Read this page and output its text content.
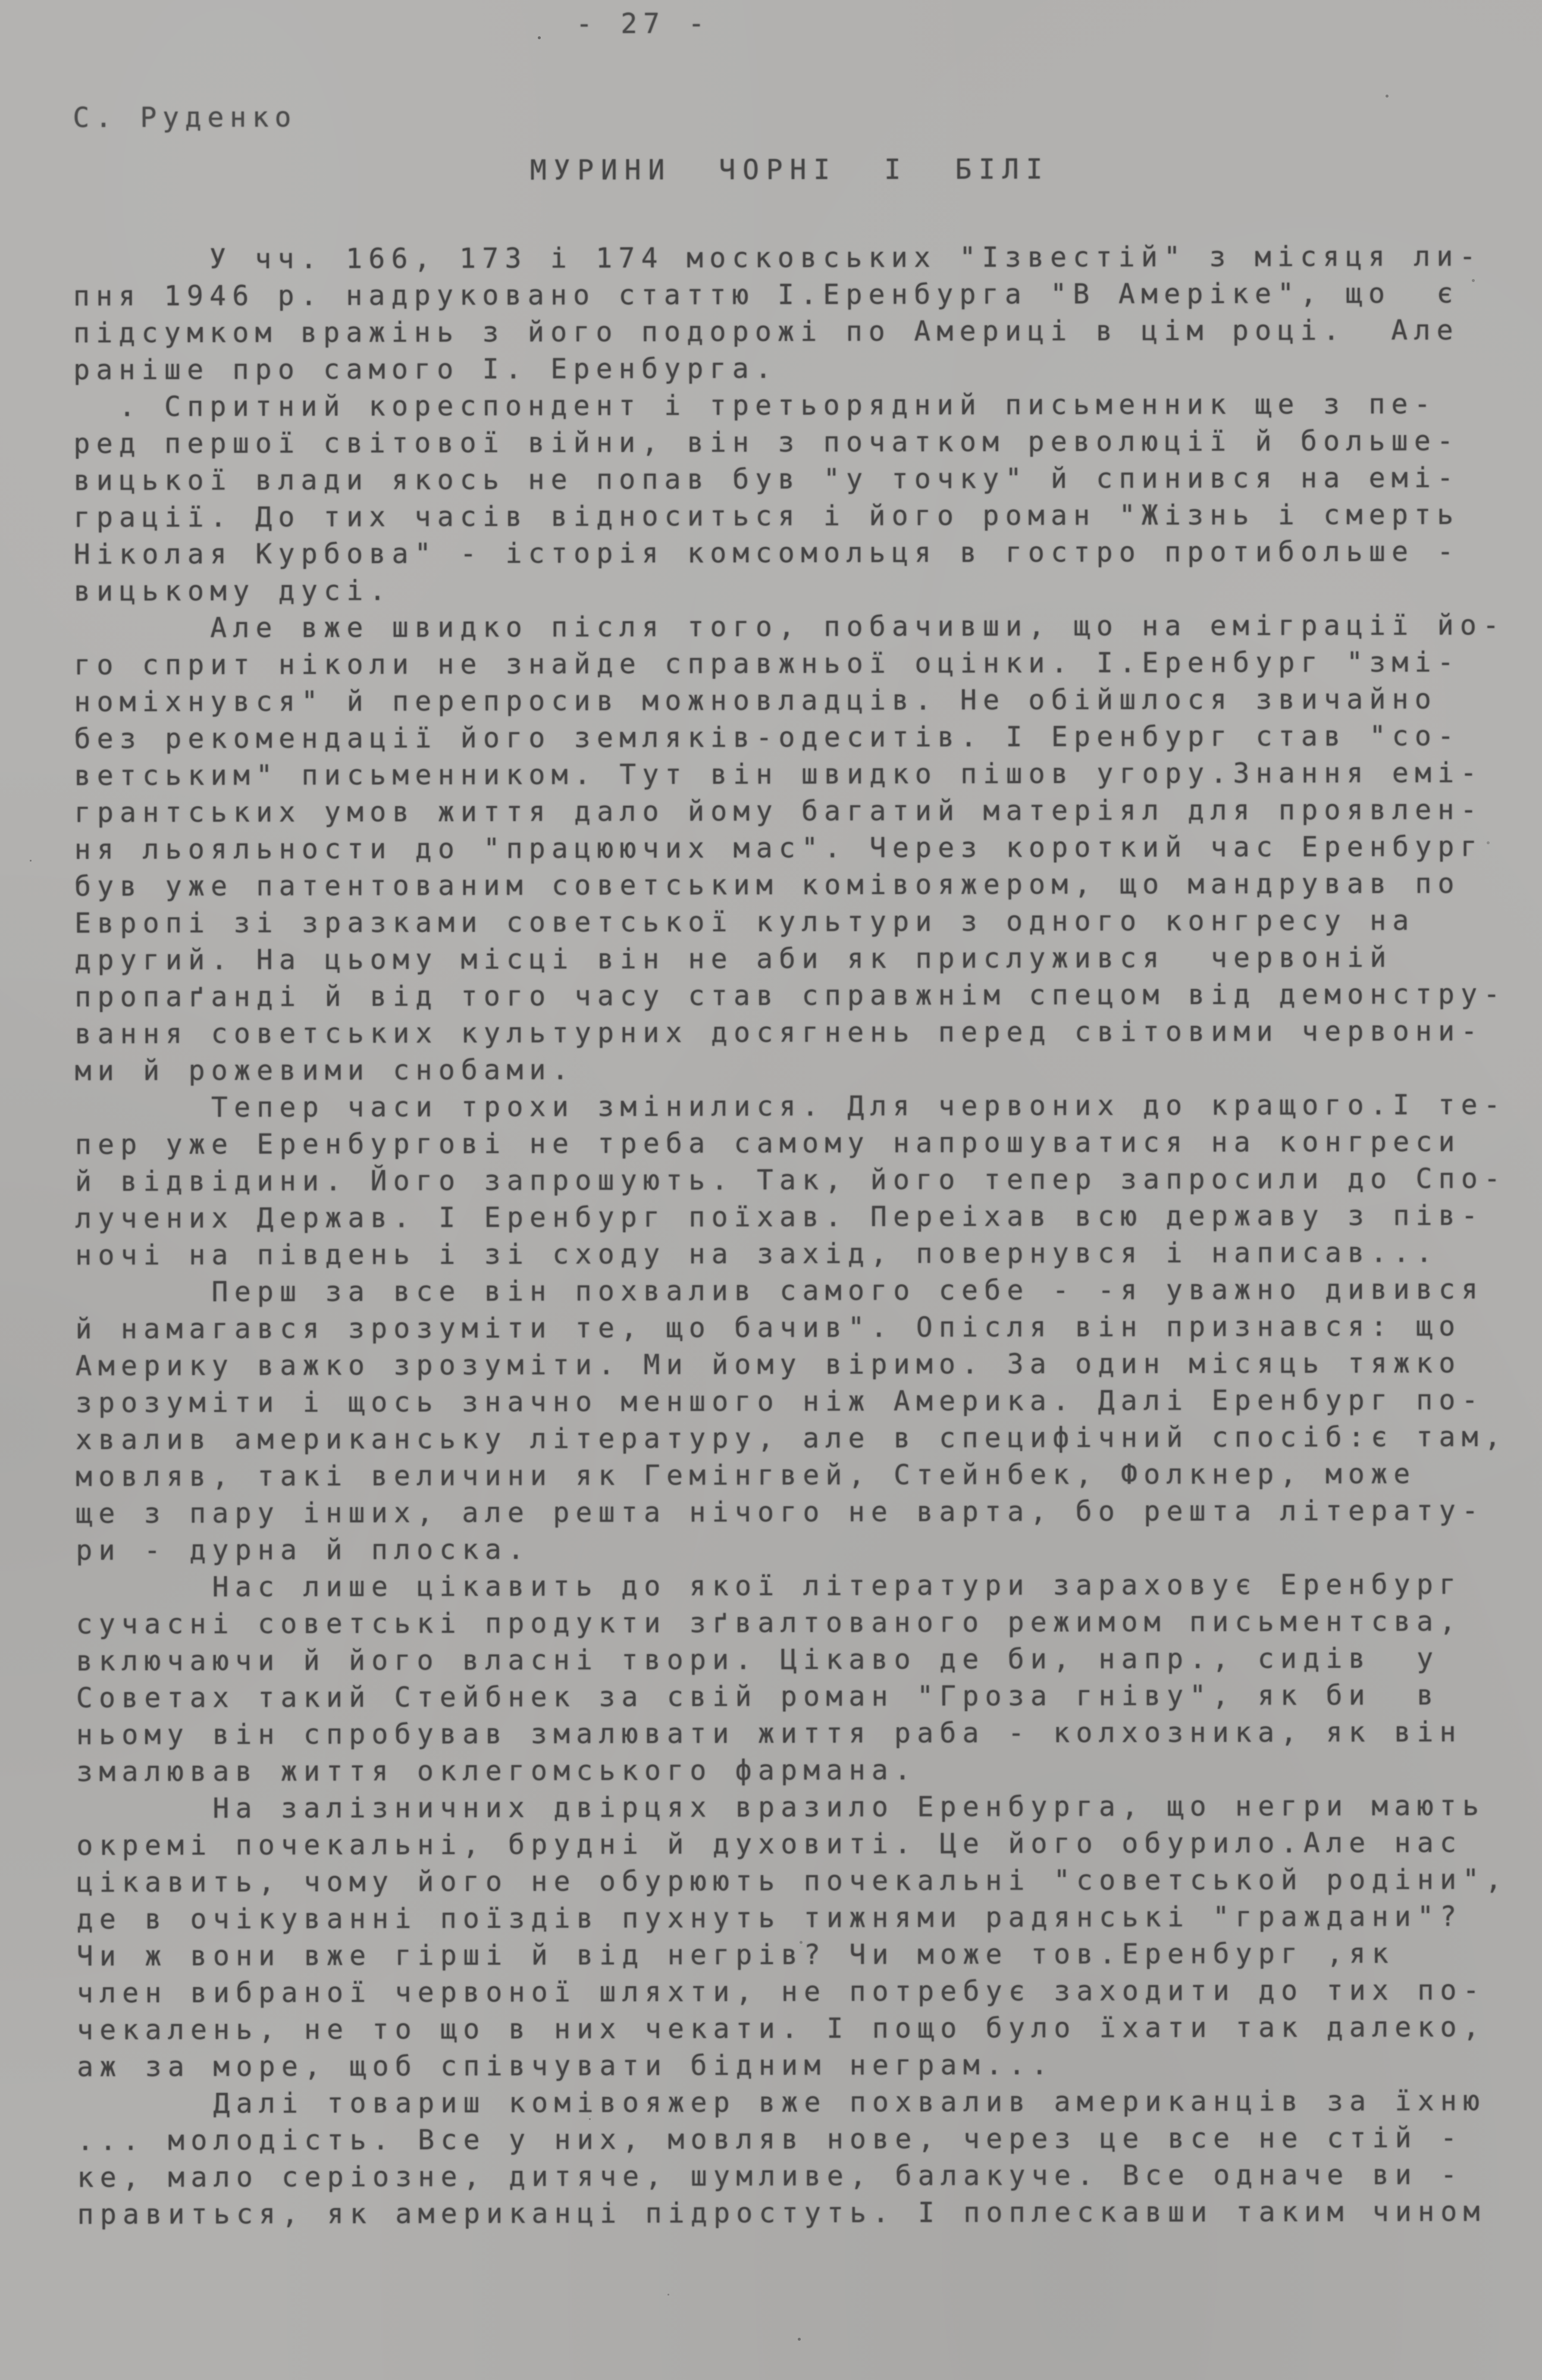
- 27 -
С. Руденко
МУРИНИ  ЧОРНІ  І  БІЛІ
У чч. 166, 173 і 174 московських "Ізвестій" з місяця ли-
пня 1946 р. надруковано статтю І.Еренбурга "В Амеріке", що  є
підсумком вражінь з його подорожі по Америці в цім році.  Але
раніше про самого І. Еренбурга.
. Спритний кореспондент і третьорядний письменник ще з пе-
ред першої світової війни, він з початком революції й больше-
вицької влади якось не попав був "у точку" й спинився на емі-
грації. До тих часів відноситься і його роман "Жізнь і смерть
Ніколая Курбова" - історія комсомольця в гостро протибольше -
вицькому дусі.
Але вже швидко після того, побачивши, що на еміграції йо-
го сприт ніколи не знайде справжньої оцінки. І.Еренбург "змі-
номіхнувся" й перепросив можновладців. Не обійшлося звичайно
без рекомендації його земляків-одеситів. І Еренбург став "со-
ветським" письменником. Тут він швидко пішов угору.Знання емі-
грантських умов життя дало йому багатий матеріял для проявлен-
ня льояльности до "працюючих мас". Через короткий час Еренбург
був уже патентованим советським комівояжером, що мандрував по
Европі зі зразками советської культури з одного конгресу на
другий. На цьому місці він не аби як прислужився  червоній
пропаґанді й від того часу став справжнім спецом від демонстру-
вання советських культурних досягнень перед світовими червони-
ми й рожевими снобами.
Тепер часи трохи змінилися. Для червоних до кращого.І те-
пер уже Еренбургові не треба самому напрошуватися на конгреси
й відвідини. Його запрошують. Так, його тепер запросили до Спо-
лучених Держав. І Еренбург поїхав. Переіхав всю державу з пів-
ночі на південь і зі сходу на захід, повернувся і написав...
Перш за все він похвалив самого себе - -я уважно дивився
й намагався зрозуміти те, що бачив". Опісля він признався: що
Америку важко зрозуміти. Ми йому віримо. За один місяць тяжко
зрозуміти і щось значно меншого ніж Америка. Далі Еренбург по-
хвалив американську літературу, але в специфічний спосіб:є там,
мовляв, такі величини як Гемінгвей, Стейнбек, Фолкнер, може
ще з пару інших, але решта нічого не варта, бо решта літерату-
ри - дурна й плоска.
Нас лише цікавить до якої літератури зараховує Еренбург
сучасні советські продукти зґвалтованого режимом письментсва,
включаючи й його власні твори. Цікаво де би, напр., сидів  у
Советах такий Стейбнек за свій роман "Гроза гніву", як би  в
ньому він спробував змалювати життя раба - колхозника, як він
змалював життя оклегомського фармана.
На залізничних двірцях вразило Еренбурга, що негри мають
окремі почекальні, брудні й духовиті. Це його обурило.Але нас
цікавить, чому його не обурюють почекальні "советськой родіни",
де в очікуванні поїздів пухнуть тижнями радянські "граждани"?
Чи ж вони вже гірші й від негрів? Чи може тов.Еренбург ,як
член вибраної червоної шляхти, не потребує заходити до тих по-
чекалень, не то що в них чекати. І пощо було їхати так далеко,
аж за море, щоб співчувати бідним неграм...
Далі товариш комівояжер вже похвалив американців за їхню
... молодість. Все у них, мовляв нове, через це все не стій -
ке, мало серіозне, дитяче, шумливе, балакуче. Все одначе ви -
правиться, як американці підростуть. І поплескавши таким чином
